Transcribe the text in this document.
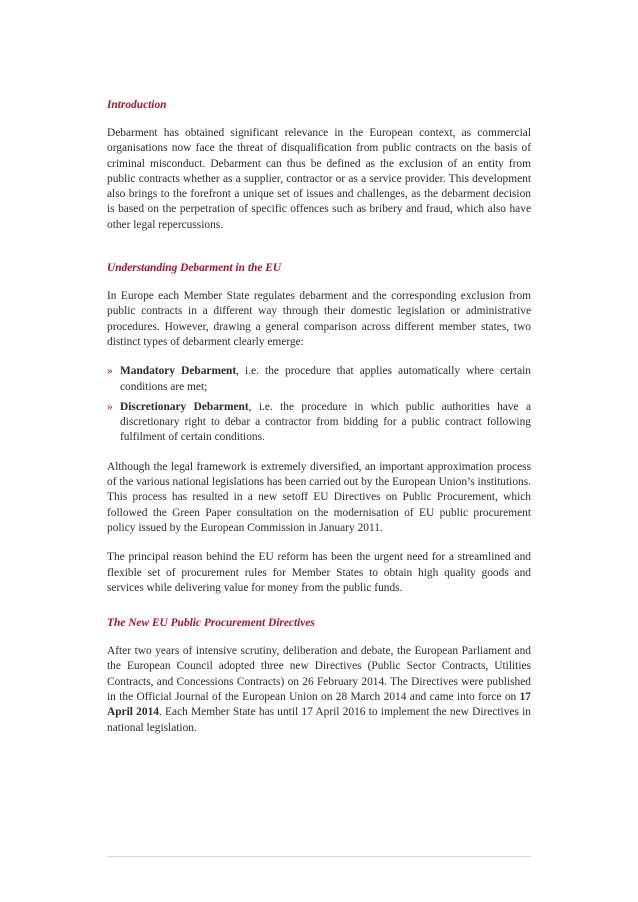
Introduction

Debarment has obtained significant relevance in the European context, as commercial organisations now face the threat of disqualification from public contracts on the basis of criminal misconduct. Debarment can thus be defined as the exclusion of an entity from public contracts whether as a supplier, contractor or as a service provider. This development also brings to the forefront a unique set of issues and challenges, as the debarment decision is based on the perpetration of specific offences such as bribery and fraud, which also have other legal repercussions.

Understanding Debarment in the EU

In Europe each Member State regulates debarment and the corresponding exclusion from public contracts in a different way through their domestic legislation or administrative procedures. However, drawing a general comparison across different member states, two distinct types of debarment clearly emerge:

» Mandatory Debarment, i.e. the procedure that applies automatically where certain conditions are met;
» Discretionary Debarment, i.e. the procedure in which public authorities have a discretionary right to debar a contractor from bidding for a public contract following fulfilment of certain conditions.

Although the legal framework is extremely diversified, an important approximation process of the various national legislations has been carried out by the European Union’s institutions. This process has resulted in a new setoff EU Directives on Public Procurement, which followed the Green Paper consultation on the modernisation of EU public procurement policy issued by the European Commission in January 2011.

The principal reason behind the EU reform has been the urgent need for a streamlined and flexible set of procurement rules for Member States to obtain high quality goods and services while delivering value for money from the public funds.

The New EU Public Procurement Directives

After two years of intensive scrutiny, deliberation and debate, the European Parliament and the European Council adopted three new Directives (Public Sector Contracts, Utilities Contracts, and Concessions Contracts) on 26 February 2014. The Directives were published in the Official Journal of the European Union on 28 March 2014 and came into force on 17 April 2014. Each Member State has until 17 April 2016 to implement the new Directives in national legislation.
